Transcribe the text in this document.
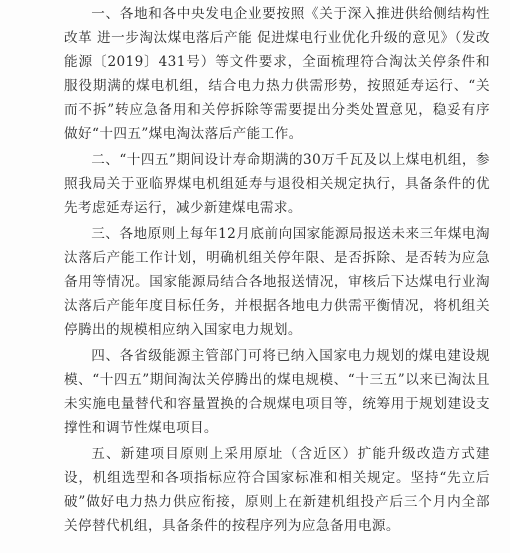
一、各地和各中央发电企业要按照《关于深入推进供给侧结构性改革 进一步淘汰煤电落后产能 促进煤电行业优化升级的意见》（发改能源〔2019〕431号）等文件要求，全面梳理符合淘汰关停条件和服役期满的煤电机组，结合电力热力供需形势，按照延寿运行、“关而不拆”转应急备用和关停拆除等需要提出分类处置意见，稳妥有序做好“十四五”煤电淘汰落后产能工作。

二、“十四五”期间设计寿命期满的30万千瓦及以上煤电机组，参照我局关于亚临界煤电机组延寿与退役相关规定执行，具备条件的优先考虑延寿运行，减少新建煤电需求。

三、各地原则上每年12月底前向国家能源局报送未来三年煤电淘汰落后产能工作计划，明确机组关停年限、是否拆除、是否转为应急备用等情况。国家能源局结合各地报送情况，审核后下达煤电行业淘汰落后产能年度目标任务，并根据各地电力供需平衡情况，将机组关停腾出的规模相应纳入国家电力规划。

四、各省级能源主管部门可将已纳入国家电力规划的煤电建设规模、“十四五”期间淘汰关停腾出的煤电规模、“十三五”以来已淘汰且未实施电量替代和容量置换的合规煤电项目等，统筹用于规划建设支撑性和调节性煤电项目。

五、新建项目原则上采用原址（含近区）扩能升级改造方式建设，机组选型和各项指标应符合国家标准和相关规定。坚持“先立后破”做好电力热力供应衔接，原则上在新建机组投产后三个月内全部关停替代机组，具备条件的按程序列为应急备用电源。
